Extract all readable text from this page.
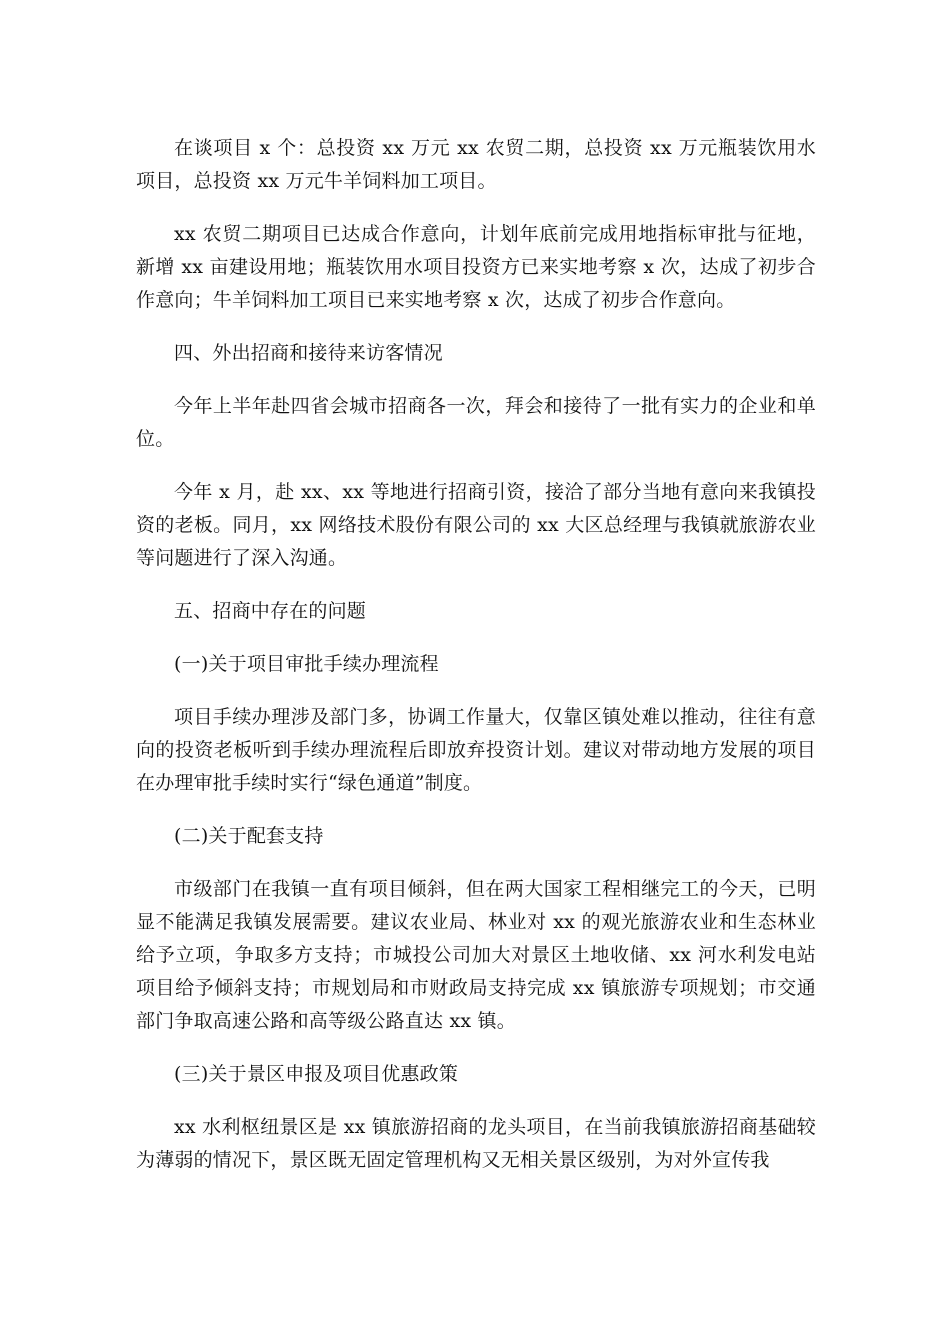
在谈项目 x 个：总投资 xx 万元 xx 农贸二期，总投资 xx 万元瓶装饮用水项目，总投资 xx 万元牛羊饲料加工项目。

xx 农贸二期项目已达成合作意向，计划年底前完成用地指标审批与征地，新增 xx 亩建设用地；瓶装饮用水项目投资方已来实地考察 x 次，达成了初步合作意向；牛羊饲料加工项目已来实地考察 x 次，达成了初步合作意向。

四、外出招商和接待来访客情况

今年上半年赴四省会城市招商各一次，拜会和接待了一批有实力的企业和单位。

今年 x 月，赴 xx、xx 等地进行招商引资，接洽了部分当地有意向来我镇投资的老板。同月，xx 网络技术股份有限公司的 xx 大区总经理与我镇就旅游农业等问题进行了深入沟通。

五、招商中存在的问题

(一)关于项目审批手续办理流程

项目手续办理涉及部门多，协调工作量大，仅靠区镇处难以推动，往往有意向的投资老板听到手续办理流程后即放弃投资计划。建议对带动地方发展的项目在办理审批手续时实行“绿色通道”制度。

(二)关于配套支持

市级部门在我镇一直有项目倾斜，但在两大国家工程相继完工的今天，已明显不能满足我镇发展需要。建议农业局、林业对 xx 的观光旅游农业和生态林业给予立项，争取多方支持；市城投公司加大对景区土地收储、xx 河水利发电站项目给予倾斜支持；市规划局和市财政局支持完成 xx 镇旅游专项规划；市交通部门争取高速公路和高等级公路直达 xx 镇。

(三)关于景区申报及项目优惠政策

xx 水利枢纽景区是 xx 镇旅游招商的龙头项目，在当前我镇旅游招商基础较为薄弱的情况下，景区既无固定管理机构又无相关景区级别，为对外宣传我
